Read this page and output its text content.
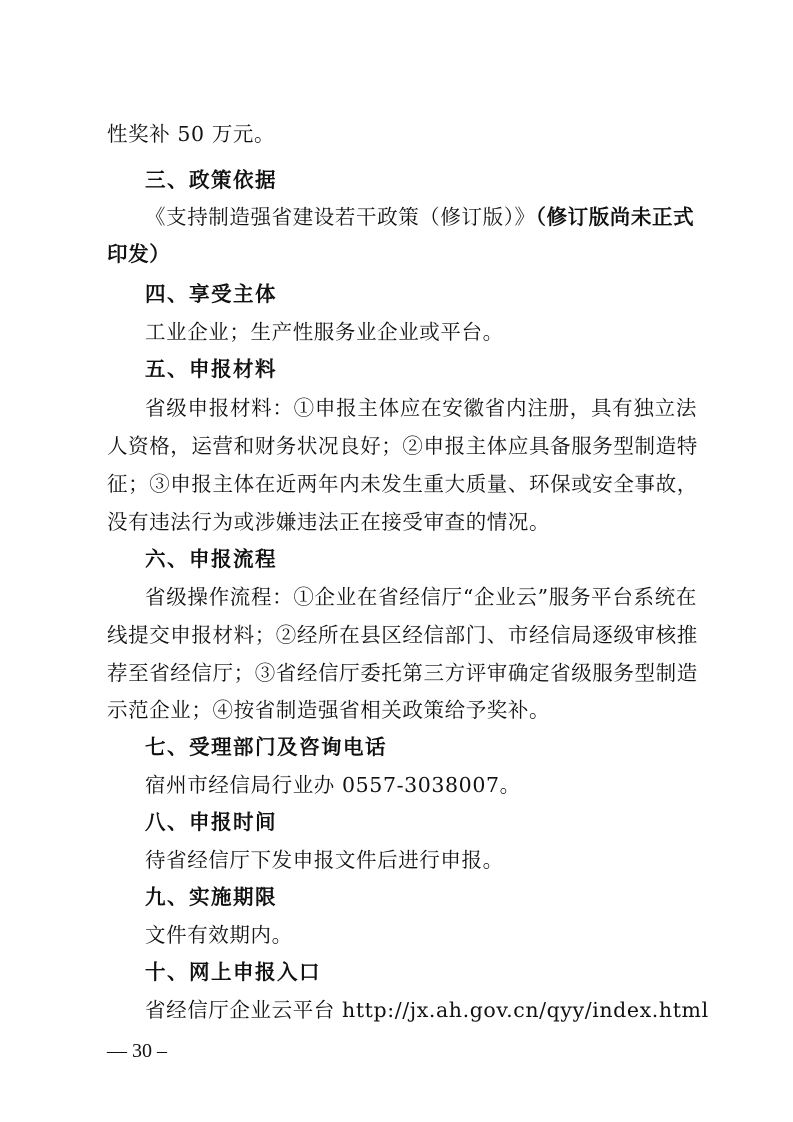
性奖补 50 万元。
三、政策依据
《支持制造强省建设若干政策（修订版）》（修订版尚未正式
印发）
四、享受主体
工业企业；生产性服务业企业或平台。
五、申报材料
省级申报材料：①申报主体应在安徽省内注册，具有独立法
人资格，运营和财务状况良好；②申报主体应具备服务型制造特
征；③申报主体在近两年内未发生重大质量、环保或安全事故，
没有违法行为或涉嫌违法正在接受审查的情况。
六、申报流程
省级操作流程：①企业在省经信厅“企业云”服务平台系统在
线提交申报材料；②经所在县区经信部门、市经信局逐级审核推
荐至省经信厅；③省经信厅委托第三方评审确定省级服务型制造
示范企业；④按省制造强省相关政策给予奖补。
七、受理部门及咨询电话
宿州市经信局行业办 0557-3038007。
八、申报时间
待省经信厅下发申报文件后进行申报。
九、实施期限
文件有效期内。
十、网上申报入口
省经信厅企业云平台 http://jx.ah.gov.cn/qyy/index.html
— 30 –
